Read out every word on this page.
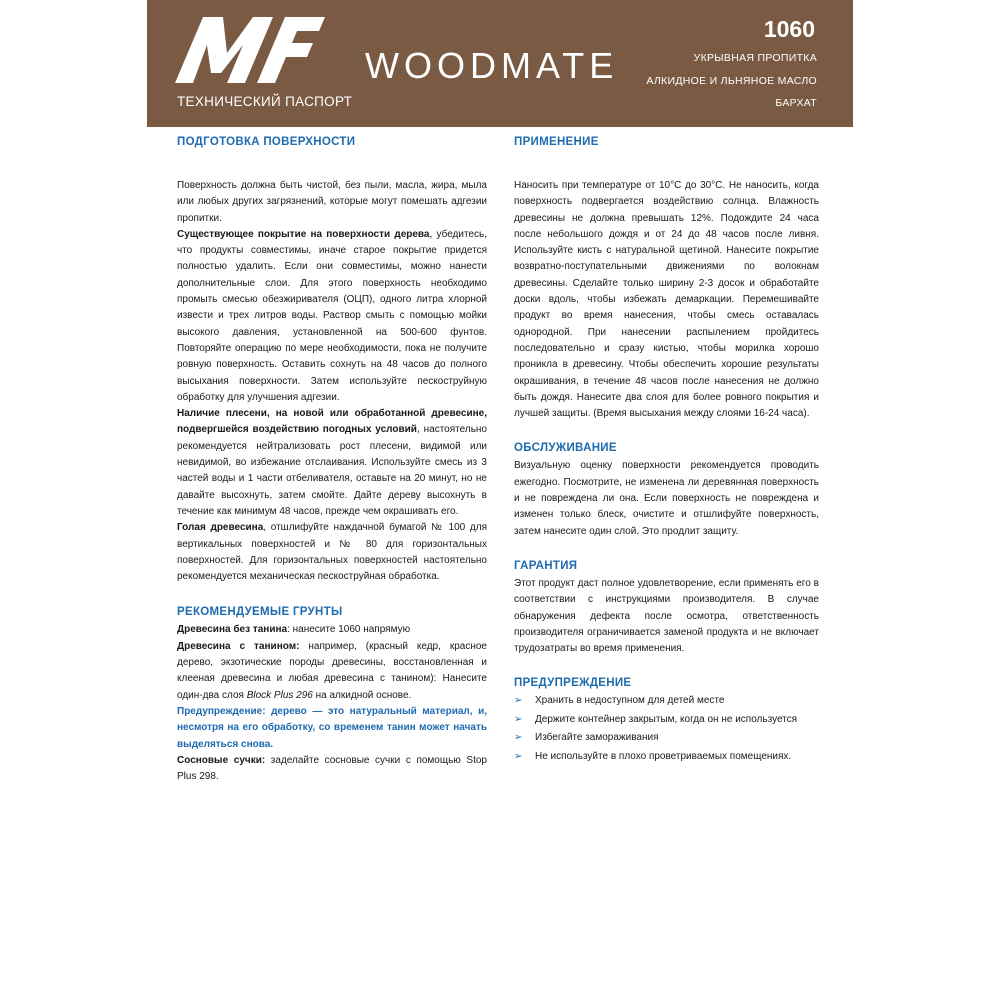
ТЕХНИЧЕСКИЙ ПАСПОРТ
WOODMATE
1060
УКРЫВНАЯ ПРОПИТКА
АЛКИДНОЕ И ЛЬНЯНОЕ МАСЛО
БАРХАТ
ПОДГОТОВКА ПОВЕРХНОСТИ

Поверхность должна быть чистой, без пыли, масла, жира, мыла или любых других загрязнений, которые могут помешать адгезии пропитки.

Существующее покрытие на поверхности дерева, убедитесь, что продукты совместимы, иначе старое покрытие придется полностью удалить. Если они совместимы, можно нанести дополнительные слои. Для этого поверхность необходимо промыть смесью обезжиривателя (ОЦП), одного литра хлорной извести и трех литров воды. Раствор смыть с помощью мойки высокого давления, установленной на 500-600 фунтов. Повторяйте операцию по мере необходимости, пока не получите ровную поверхность. Оставить сохнуть на 48 часов до полного высыхания поверхности. Затем используйте пескоструйную обработку для улучшения адгезии.

Наличие плесени, на новой или обработанной древесине, подвергшейся воздействию погодных условий, настоятельно рекомендуется нейтрализовать рост плесени, видимой или невидимой, во избежание отслаивания. Используйте смесь из 3 частей воды и 1 части отбеливателя, оставьте на 20 минут, но не давайте высохнуть, затем смойте. Дайте дереву высохнуть в течение как минимум 48 часов, прежде чем окрашивать его.

Голая древесина, отшлифуйте наждачной бумагой № 100 для вертикальных поверхностей и № 80 для горизонтальных поверхностей. Для горизонтальных поверхностей настоятельно рекомендуется механическая пескоструйная обработка.

РЕКОМЕНДУЕМЫЕ ГРУНТЫ

Древесина без танина: нанесите 1060 напрямую

Древесина с танином: например, (красный кедр, красное дерево, экзотические породы древесины, восстановленная и клееная древесина и любая древесина с танином): Нанесите один-два слоя Block Plus 296 на алкидной основе.

Предупреждение: дерево — это натуральный материал, и, несмотря на его обработку, со временем танин может начать выделяться снова.

Сосновые сучки: заделайте сосновые сучки с помощью Stop Plus 298.

ПРИМЕНЕНИЕ

Наносить при температуре от 10°C до 30°C. Не наносить, когда поверхность подвергается воздействию солнца. Влажность древесины не должна превышать 12%. Подождите 24 часа после небольшого дождя и от 24 до 48 часов после ливня. Используйте кисть с натуральной щетиной. Нанесите покрытие возвратно-поступательными движениями по волокнам древесины. Сделайте только ширину 2-3 досок и обработайте доски вдоль, чтобы избежать демаркации. Перемешивайте продукт во время нанесения, чтобы смесь оставалась однородной. При нанесении распылением пройдитесь последовательно и сразу кистью, чтобы морилка хорошо проникла в древесину. Чтобы обеспечить хорошие результаты окрашивания, в течение 48 часов после нанесения не должно быть дождя. Нанесите два слоя для более ровного покрытия и лучшей защиты. (Время высыхания между слоями 16-24 часа).

ОБСЛУЖИВАНИЕ

Визуальную оценку поверхности рекомендуется проводить ежегодно. Посмотрите, не изменена ли деревянная поверхность и не повреждена ли она. Если поверхность не повреждена и изменен только блеск, очистите и отшлифуйте поверхность, затем нанесите один слой. Это продлит защиту.

ГАРАНТИЯ

Этот продукт даст полное удовлетворение, если применять его в соответствии с инструкциями производителя. В случае обнаружения дефекта после осмотра, ответственность производителя ограничивается заменой продукта и не включает трудозатраты во время применения.

ПРЕДУПРЕЖДЕНИЕ
➢ Хранить в недоступном для детей месте
➢ Держите контейнер закрытым, когда он не используется
➢ Избегайте замораживания
➢ Не используйте в плохо проветриваемых помещениях.
